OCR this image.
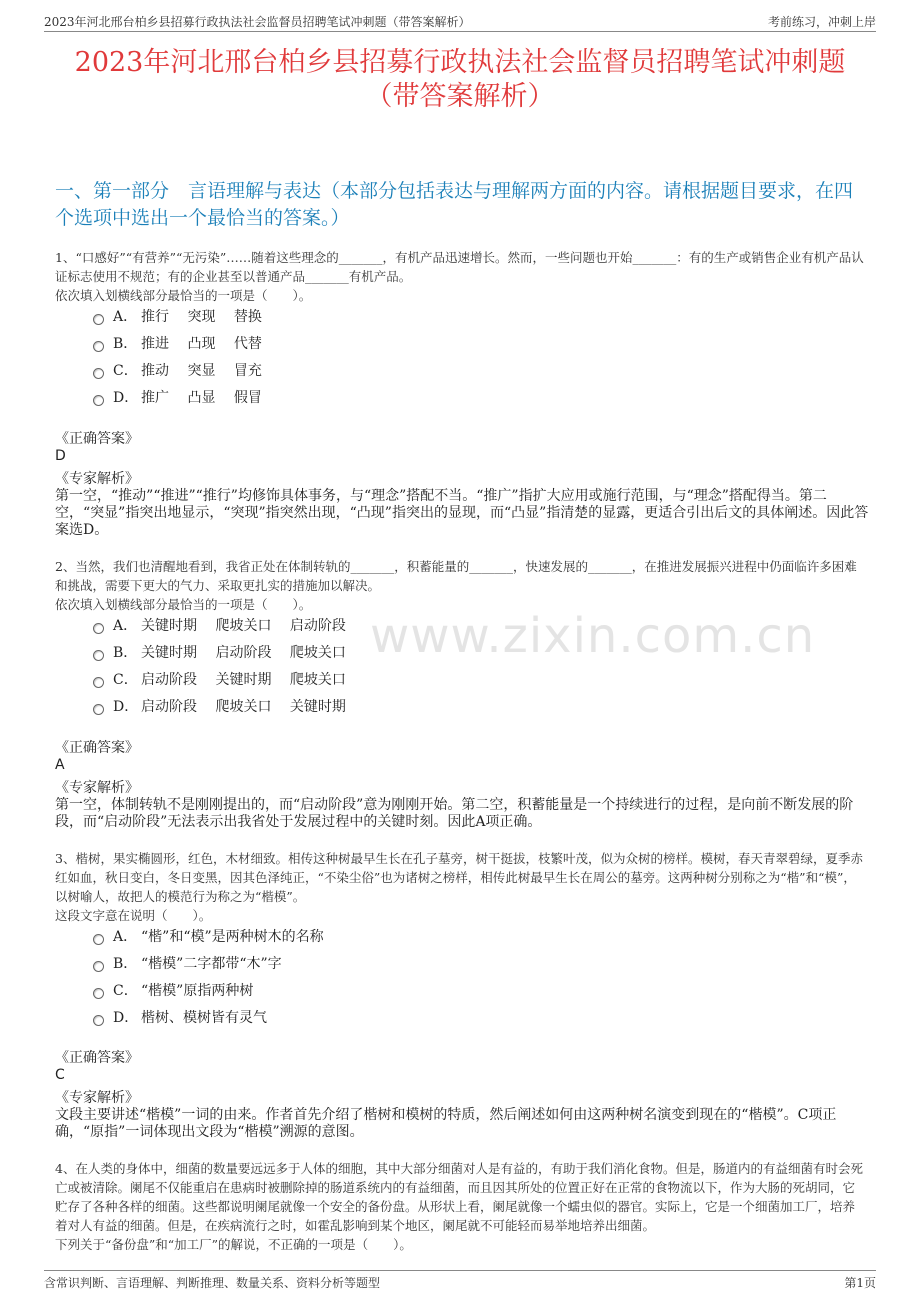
2023年河北邢台柏乡县招募行政执法社会监督员招聘笔试冲刺题（带答案解析）	考前练习，冲刺上岸
2023年河北邢台柏乡县招募行政执法社会监督员招聘笔试冲刺题（带答案解析）
一、第一部分　言语理解与表达（本部分包括表达与理解两方面的内容。请根据题目要求，在四个选项中选出一个最恰当的答案。）
www.zixin.com.cn
1、“口感好”“有营养”“无污染”……随着这些理念的_______，有机产品迅速增长。然而，一些问题也开始_______：有的生产或销售企业有机产品认证标志使用不规范；有的企业甚至以普通产品_______有机产品。
依次填入划横线部分最恰当的一项是（　　）。
A． 推行　 突现　 替换
B． 推进　 凸现　 代替
C． 推动　 突显　 冒充
D． 推广　 凸显　 假冒
《正确答案》
D
《专家解析》
第一空，“推动”“推进”“推行”均修饰具体事务，与“理念”搭配不当。“推广”指扩大应用或施行范围，与“理念”搭配得当。第二空，“突显”指突出地显示，“突现”指突然出现，“凸现”指突出的显现，而“凸显”指清楚的显露，更适合引出后文的具体阐述。因此答案选D。
2、当然，我们也清醒地看到，我省正处在体制转轨的_______，积蓄能量的_______，快速发展的_______，在推进发展振兴进程中仍面临许多困难和挑战，需要下更大的气力、采取更扎实的措施加以解决。
依次填入划横线部分最恰当的一项是（　　）。
A． 关键时期　 爬坡关口　 启动阶段
B． 关键时期　 启动阶段　 爬坡关口
C． 启动阶段　 关键时期　 爬坡关口
D． 启动阶段　 爬坡关口　 关键时期
《正确答案》
A
《专家解析》
第一空，体制转轨不是刚刚提出的，而“启动阶段”意为刚刚开始。第二空，积蓄能量是一个持续进行的过程，是向前不断发展的阶段，而“启动阶段”无法表示出我省处于发展过程中的关键时刻。因此A项正确。
3、楷树，果实椭圆形，红色，木材细致。相传这种树最早生长在孔子墓旁，树干挺拔，枝繁叶茂，似为众树的榜样。模树，春天青翠碧绿，夏季赤红如血，秋日变白，冬日变黑，因其色泽纯正，“不染尘俗”也为诸树之榜样，相传此树最早生长在周公的墓旁。这两种树分别称之为“楷”和“模”，以树喻人，故把人的模范行为称之为“楷模”。
这段文字意在说明（　　）。
A． “楷”和“模”是两种树木的名称
B． “楷模”二字都带“木”字
C． “楷模”原指两种树
D． 楷树、模树皆有灵气
《正确答案》
C
《专家解析》
文段主要讲述“楷模”一词的由来。作者首先介绍了楷树和模树的特质，然后阐述如何由这两种树名演变到现在的“楷模”。C项正确，“原指”一词体现出文段为“楷模”溯源的意图。
4、在人类的身体中，细菌的数量要远远多于人体的细胞，其中大部分细菌对人是有益的，有助于我们消化食物。但是，肠道内的有益细菌有时会死亡或被清除。阑尾不仅能重启在患病时被删除掉的肠道系统内的有益细菌，而且因其所处的位置正好在正常的食物流以下，作为大肠的死胡同，它贮存了各种各样的细菌。这些都说明阑尾就像一个安全的备份盘。从形状上看，阑尾就像一个蠕虫似的器官。实际上，它是一个细菌加工厂，培养着对人有益的细菌。但是，在疾病流行之时，如霍乱影响到某个地区，阑尾就不可能轻而易举地培养出细菌。
下列关于“备份盘”和“加工厂”的解说，不正确的一项是（　　）。
含常识判断、言语理解、判断推理、数量关系、资料分析等题型	第1页
